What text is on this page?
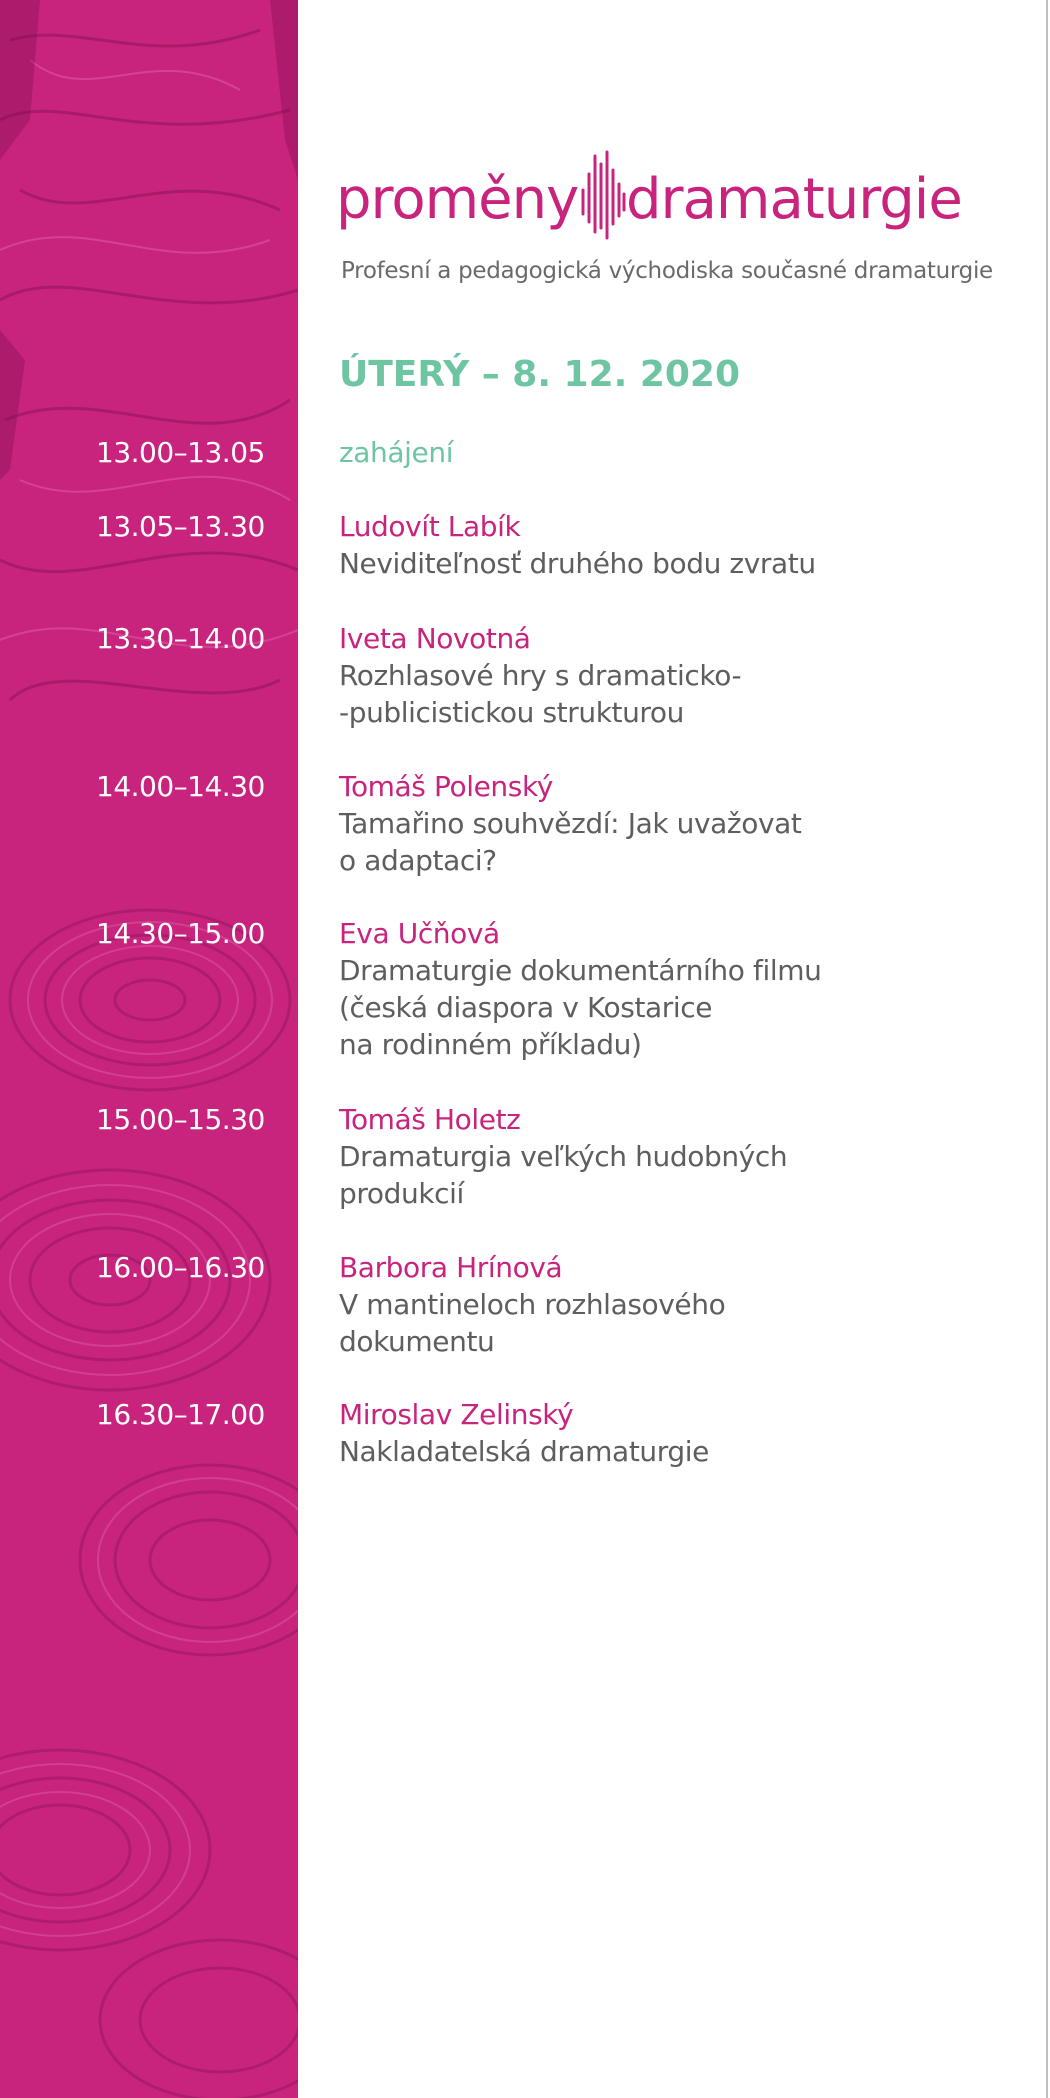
proměny dramaturgie
Profesní a pedagogická východiska současné dramaturgie
ÚTERÝ – 8. 12. 2020
13.00–13.05	zahájení
13.05–13.30	Ludovít Labík
Neviditeľnosť druhého bodu zvratu
13.30–14.00	Iveta Novotná
Rozhlasové hry s dramaticko-
-publicistickou strukturou
14.00–14.30	Tomáš Polenský
Tamařino souhvězdí: Jak uvažovat
o adaptaci?
14.30–15.00	Eva Učňová
Dramaturgie dokumentárního filmu
(česká diaspora v Kostarice
na rodinném příkladu)
15.00–15.30	Tomáš Holetz
Dramaturgia veľkých hudobných
produkcií
16.00–16.30	Barbora Hrínová
V mantineloch rozhlasového
dokumentu
16.30–17.00	Miroslav Zelinský
Nakladatelská dramaturgie
